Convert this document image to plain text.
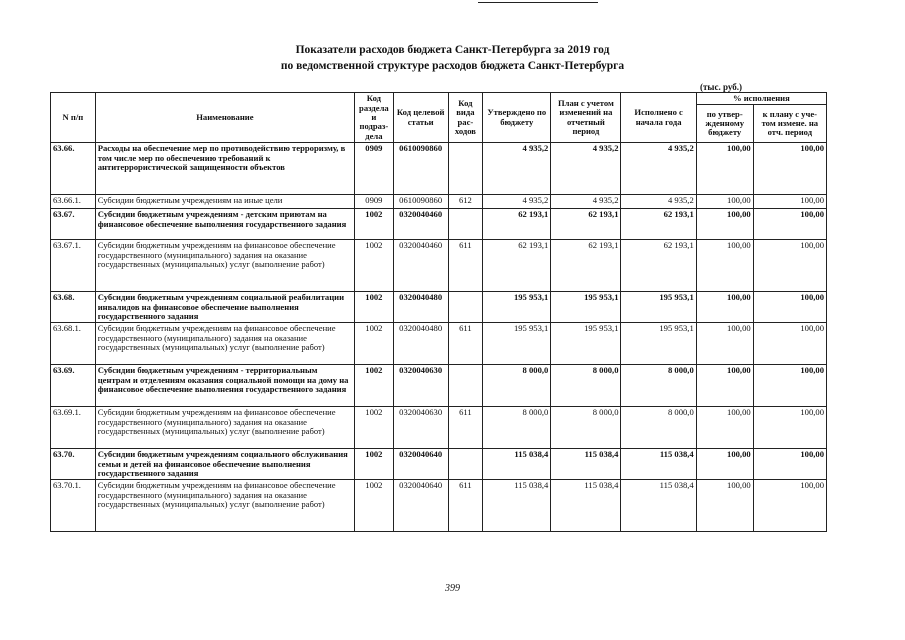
Показатели расходов бюджета Санкт-Петербурга за 2019 год
по ведомственной структуре расходов бюджета Санкт-Петербурга
(тыс. руб.)
N п/п	Наименование	Код раздела и подраз-дела	Код целевой статьи	Код вида рас-ходов	Утверждено по бюджету	План с учетом изменений на отчетный период	Исполнено с начала года	% исполнения	
								по утвер-жденному бюджету	к плану с уче-том измене. на отч. период
63.66.	Расходы на обеспечение мер по противодействию терроризму, в том числе мер по обеспечению требований к антитеррористической защищенности объектов	0909	0610090860		4 935,2	4 935,2	4 935,2	100,00	100,00
63.66.1.	Субсидии бюджетным учреждениям на иные цели	0909	0610090860	612	4 935,2	4 935,2	4 935,2	100,00	100,00
63.67.	Субсидии бюджетным учреждениям - детским приютам на финансовое обеспечение выполнения государственного задания	1002	0320040460		62 193,1	62 193,1	62 193,1	100,00	100,00
63.67.1.	Субсидии бюджетным учреждениям на финансовое обеспечение государственного (муниципального) задания на оказание государственных (муниципальных) услуг (выполнение работ)	1002	0320040460	611	62 193,1	62 193,1	62 193,1	100,00	100,00
63.68.	Субсидии бюджетным учреждениям социальной реабилитации инвалидов на финансовое обеспечение выполнения государственного задания	1002	0320040480		195 953,1	195 953,1	195 953,1	100,00	100,00
63.68.1.	Субсидии бюджетным учреждениям на финансовое обеспечение государственного (муниципального) задания на оказание государственных (муниципальных) услуг (выполнение работ)	1002	0320040480	611	195 953,1	195 953,1	195 953,1	100,00	100,00
63.69.	Субсидии бюджетным учреждениям - территориальным центрам и отделениям оказания социальной помощи на дому на финансовое обеспечение выполнения государственного задания	1002	0320040630		8 000,0	8 000,0	8 000,0	100,00	100,00
63.69.1.	Субсидии бюджетным учреждениям на финансовое обеспечение государственного (муниципального) задания на оказание государственных (муниципальных) услуг (выполнение работ)	1002	0320040630	611	8 000,0	8 000,0	8 000,0	100,00	100,00
63.70.	Субсидии бюджетным учреждениям социального обслуживания семьи и детей на финансовое обеспечение выполнения государственного задания	1002	0320040640		115 038,4	115 038,4	115 038,4	100,00	100,00
63.70.1.	Субсидии бюджетным учреждениям на финансовое обеспечение государственного (муниципального) задания на оказание государственных (муниципальных) услуг (выполнение работ)	1002	0320040640	611	115 038,4	115 038,4	115 038,4	100,00	100,00
399
